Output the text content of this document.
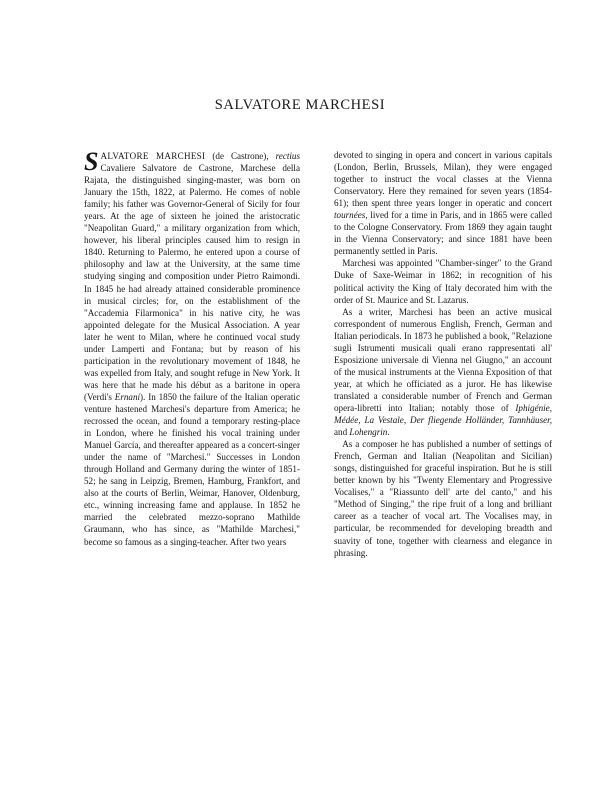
SALVATORE MARCHESI

SALVATORE MARCHESI (de Castrone), rectius Cavaliere Salvatore de Castrone, Marchese della Rajata, the distinguished singing-master, was born on January the 15th, 1822, at Palermo. He comes of noble family; his father was Governor-General of Sicily for four years. At the age of sixteen he joined the aristocratic "Neapolitan Guard," a military organization from which, however, his liberal principles caused him to resign in 1840. Returning to Palermo, he entered upon a course of philosophy and law at the University, at the same time studying singing and composition under Pietro Raimondi. In 1845 he had already attained considerable prominence in musical circles; for, on the establishment of the "Accademia Filarmonica" in his native city, he was appointed delegate for the Musical Association. A year later he went to Milan, where he continued vocal study under Lamperti and Fontana; but by reason of his participation in the revolutionary movement of 1848, he was expelled from Italy, and sought refuge in New York. It was here that he made his début as a baritone in opera (Verdi's Ernani). In 1850 the failure of the Italian operatic venture hastened Marchesi's departure from America; he recrossed the ocean, and found a temporary resting-place in London, where he finished his vocal training under Manuel Garcia, and thereafter appeared as a concert-singer under the name of "Marchesi." Successes in London through Holland and Germany during the winter of 1851-52; he sang in Leipzig, Bremen, Hamburg, Frankfort, and also at the courts of Berlin, Weimar, Hanover, Oldenburg, etc., winning increasing fame and applause. In 1852 he married the celebrated mezzo-soprano Mathilde Graumann, who has since, as "Mathilde Marchesi," become so famous as a singing-teacher. After two years

devoted to singing in opera and concert in various capitals (London, Berlin, Brussels, Milan), they were engaged together to instruct the vocal classes at the Vienna Conservatory. Here they remained for seven years (1854-61); then spent three years longer in operatic and concert tournées, lived for a time in Paris, and in 1865 were called to the Cologne Conservatory. From 1869 they again taught in the Vienna Conservatory; and since 1881 have been permanently settled in Paris.

Marchesi was appointed "Chamber-singer" to the Grand Duke of Saxe-Weimar in 1862; in recognition of his political activity the King of Italy decorated him with the order of St. Maurice and St. Lazarus.

As a writer, Marchesi has been an active musical correspondent of numerous English, French, German and Italian periodicals. In 1873 he published a book, "Relazione sugli Istrumenti musicali quali erano rappresentati all' Esposizione universale di Vienna nel Giugno," an account of the musical instruments at the Vienna Exposition of that year, at which he officiated as a juror. He has likewise translated a considerable number of French and German opera-libretti into Italian; notably those of Iphigénie, Médée, La Vestale, Der fliegende Holländer, Tannhäuser, and Lohengrin.

As a composer he has published a number of settings of French, German and Italian (Neapolitan and Sicilian) songs, distinguished for graceful inspiration. But he is still better known by his "Twenty Elementary and Progressive Vocalises," a "Riassunto dell' arte del canto," and his "Method of Singing," the ripe fruit of a long and brilliant career as a teacher of vocal art. The Vocalises may, in particular, be recommended for developing breadth and suavity of tone, together with clearness and elegance in phrasing.
